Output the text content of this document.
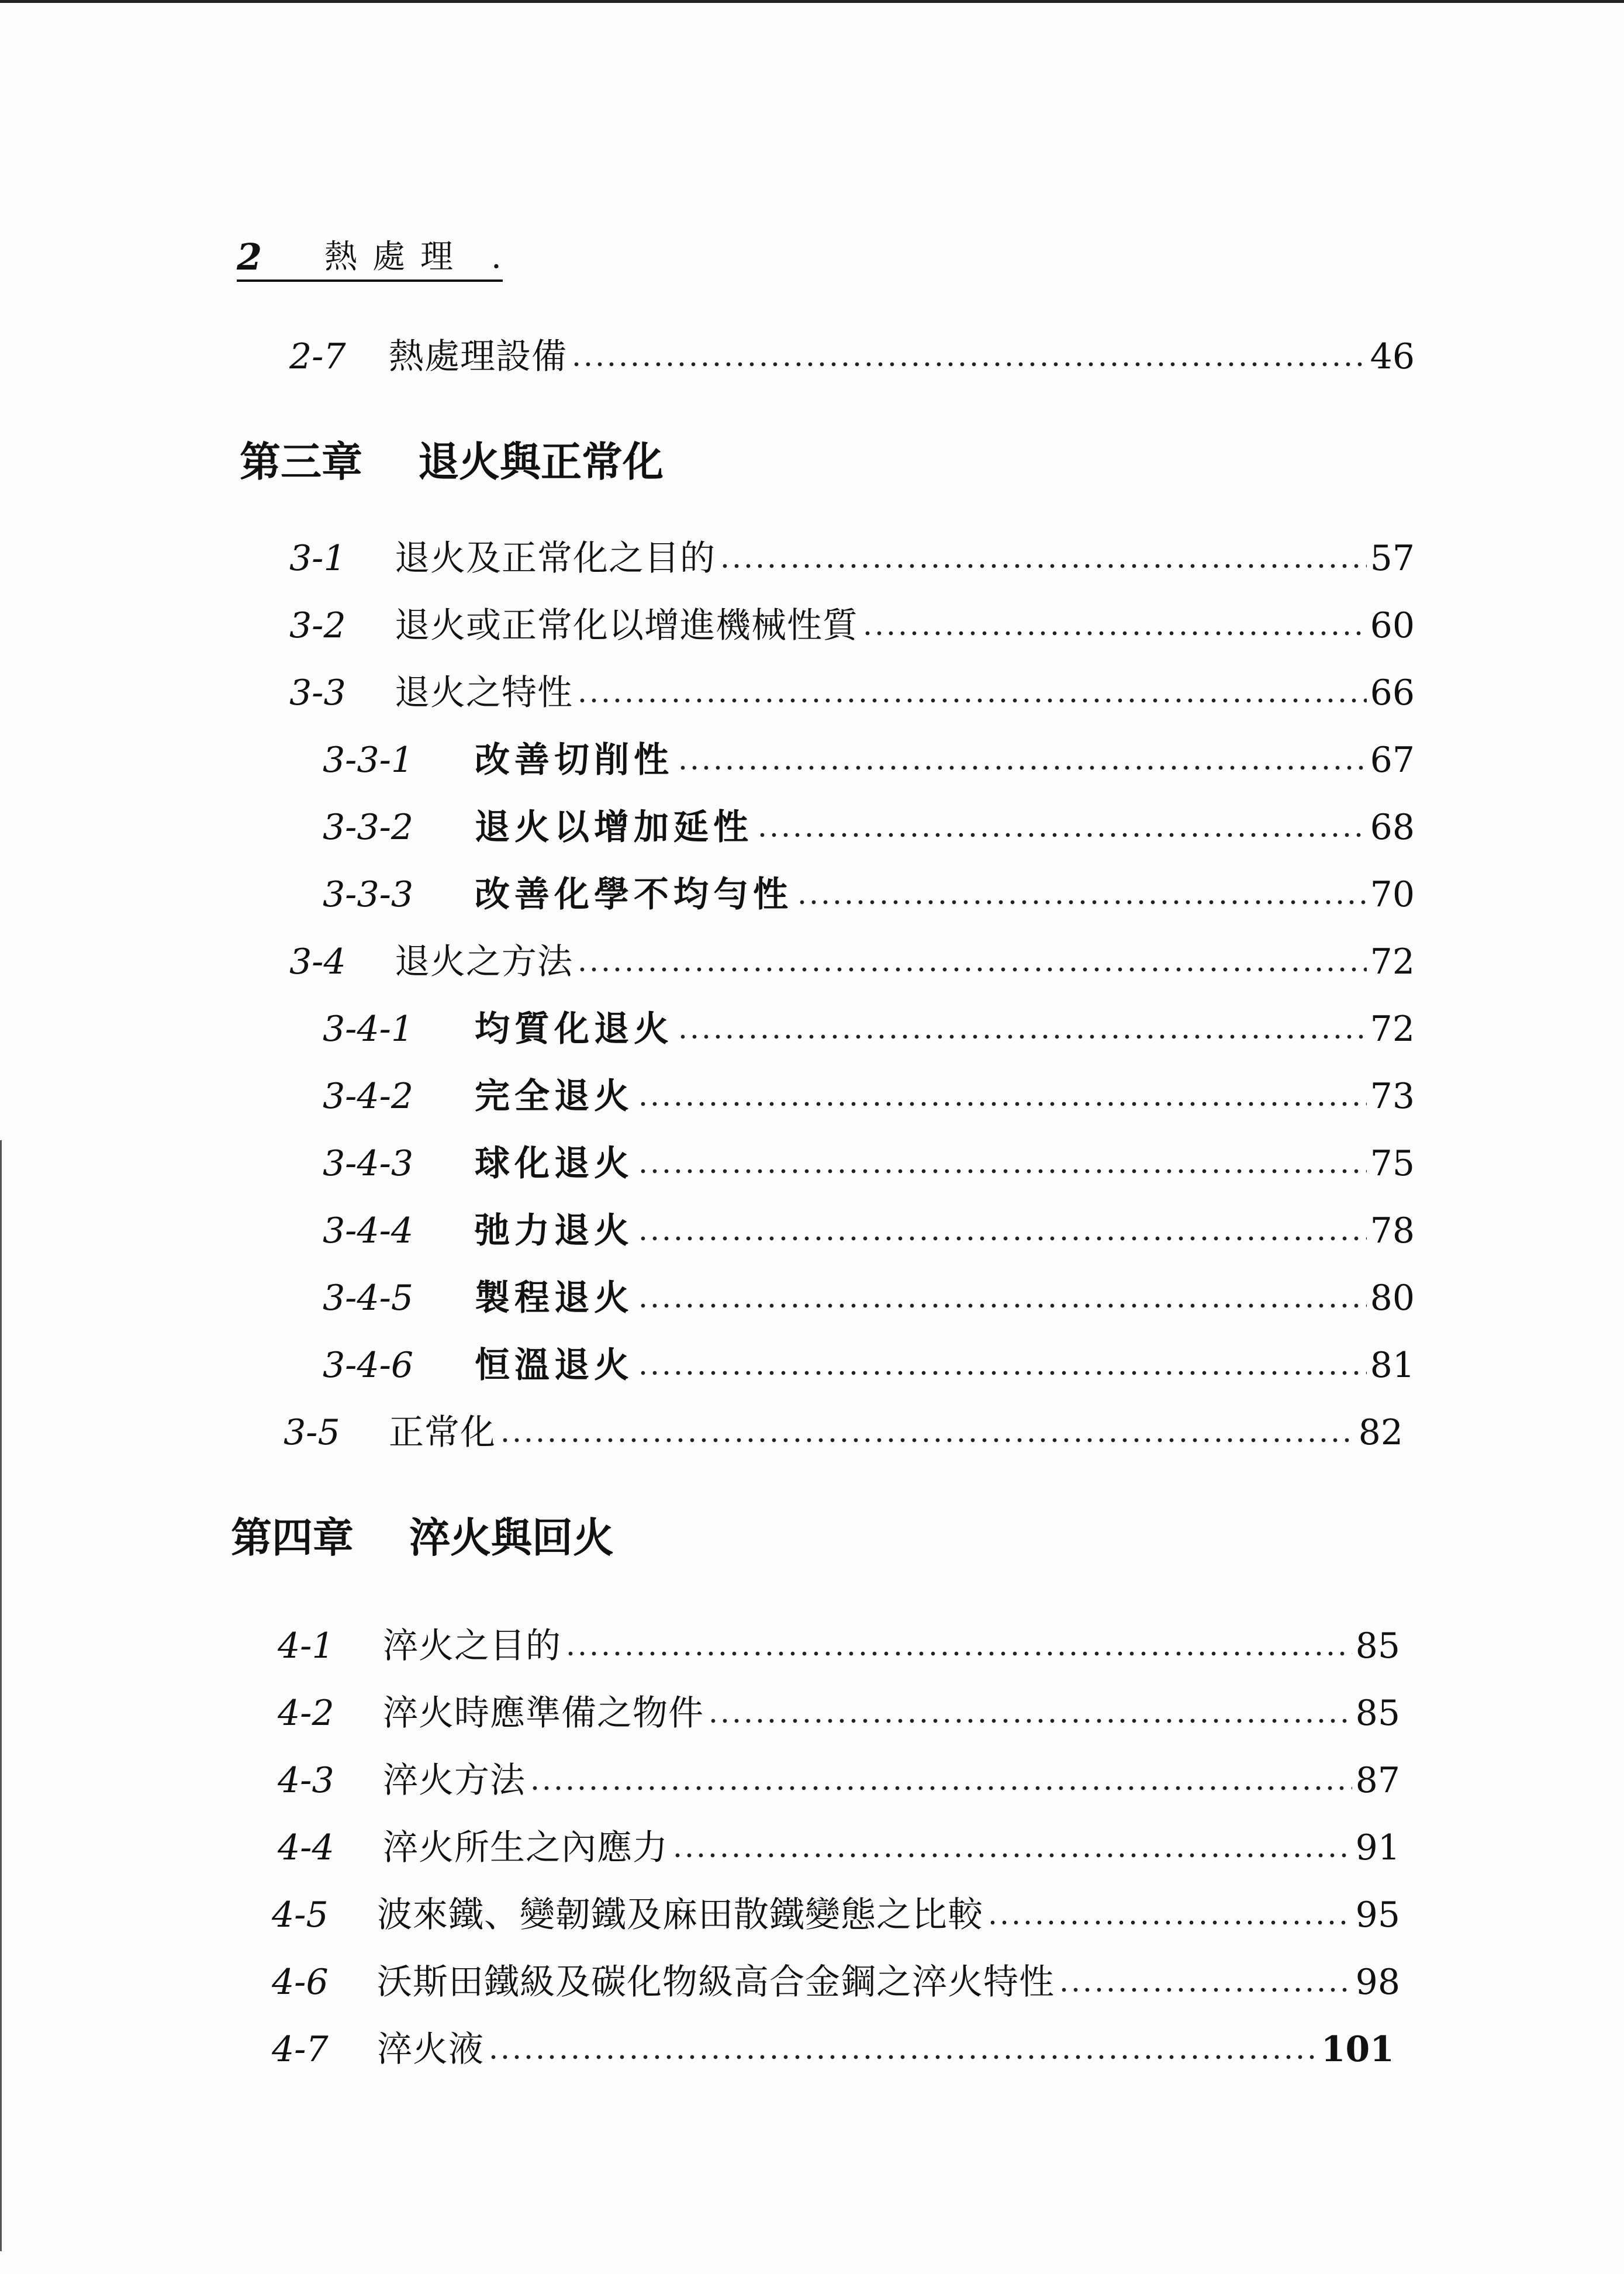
2 熱處理 .
2-7	熱處理設備	46
第三章 退火與正常化
3-1	退火及正常化之目的	57
3-2	退火或正常化以增進機械性質	60
3-3	退火之特性	66
3-3-1	改善切削性	67
3-3-2	退火以增加延性	68
3-3-3	改善化學不均勻性	70
3-4	退火之方法	72
3-4-1	均質化退火	72
3-4-2	完全退火	73
3-4-3	球化退火	75
3-4-4	弛力退火	78
3-4-5	製程退火	80
3-4-6	恒溫退火	81
3-5	正常化	82
第四章 淬火與回火
4-1	淬火之目的	85
4-2	淬火時應準備之物件	85
4-3	淬火方法	87
4-4	淬火所生之內應力	91
4-5	波來鐵、變韌鐵及麻田散鐵變態之比較	95
4-6	沃斯田鐵級及碳化物級高合金鋼之淬火特性	98
4-7	淬火液	101
